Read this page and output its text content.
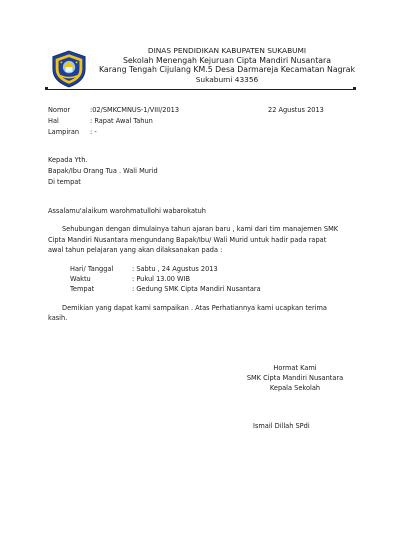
DINAS PENDIDIKAN KABUPATEN SUKABUMI
Sekolah Menengah Kejuruan Cipta Mandiri Nusantara
Karang Tengah Cijulang KM.5 Desa Darmareja Kecamatan Nagrak
Sukabumi 43356
Nomor	:02/SMKCMNUS-1/VIII/2013	22 Agustus 2013
Hal	: Rapat Awal Tahun
Lampiran : -
Kepada Yth.
Bapak/Ibu Orang Tua . Wali Murid
Di tempat
Assalamu'alaikum warohmatullohi wabarokatuh
Sehubungan dengan dimulainya tahun ajaran baru , kami dari tim manajemen SMK
Cipta Mandiri Nusantara mengundang Bapak/Ibu/ Wali Murid untuk hadir pada rapat
awal tahun pelajaran yang akan dilaksanakan pada :
Hari/ Tanggal	: Sabtu , 24 Agustus 2013
Waktu	: Pukul 13.00 WIB
Tempat	: Gedung SMK Cipta Mandiri Nusantara
Demikian yang dapat kami sampaikan . Atas Perhatiannya kami ucapkan terima
kasih.
Hormat Kami
SMK Cipta Mandiri Nusantara
Kepala Sekolah
Ismail Dillah SPdi
